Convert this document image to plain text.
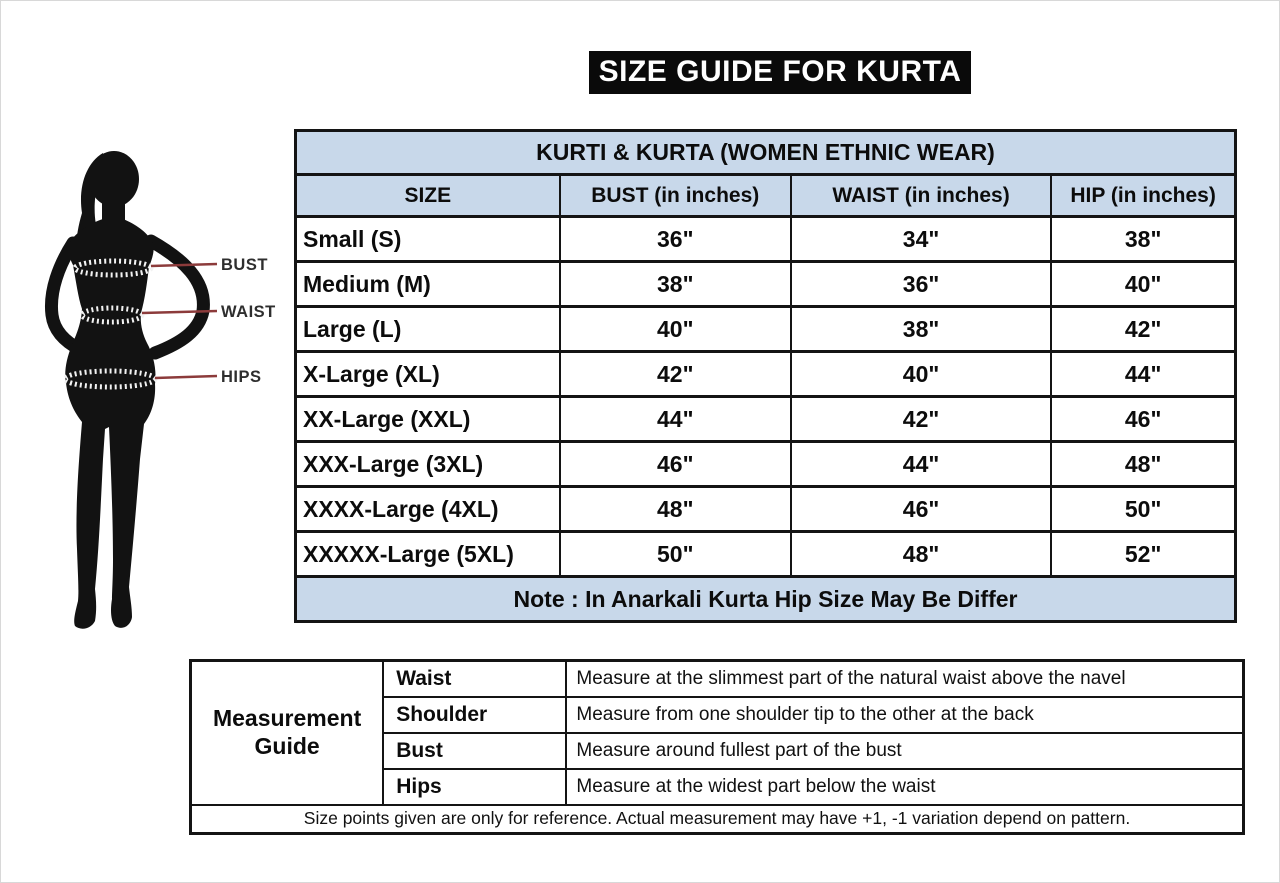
SIZE GUIDE FOR KURTA
BUST
WAIST
HIPS
KURTI & KURTA (WOMEN ETHNIC WEAR)			
SIZE	BUST (in inches)	WAIST (in inches)	HIP (in inches)
Small (S)	36"	34"	38"
Medium (M)	38"	36"	40"
Large (L)	40"	38"	42"
X-Large (XL)	42"	40"	44"
XX-Large (XXL)	44"	42"	46"
XXX-Large (3XL)	46"	44"	48"
XXXX-Large (4XL)	48"	46"	50"
XXXXX-Large (5XL)	50"	48"	52"
Note : In Anarkali Kurta Hip Size May Be Differ			
Measurement Guide	Waist	Measure at the slimmest part of the natural waist above the navel
	Shoulder	Measure from one shoulder tip to the other at the back
	Bust	Measure around fullest part of the bust
	Hips	Measure at the widest part below the waist
Size points given are only for reference. Actual measurement may have +1, -1 variation depend on pattern.		
